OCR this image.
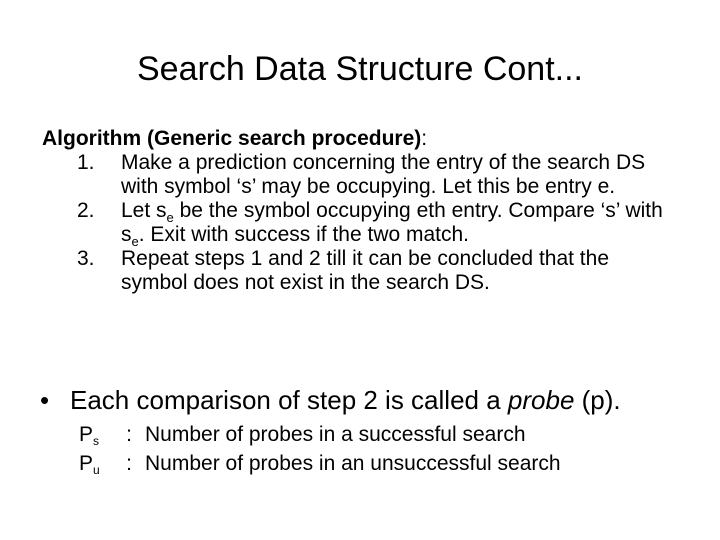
Search Data Structure Cont...
Algorithm (Generic search procedure):
1. Make a prediction concerning the entry of the search DS with symbol ‘s’ may be occupying. Let this be entry e.
2. Let $s_e$ be the symbol occupying eth entry. Compare ‘s’ with $s_e$. Exit with success if the two match.
3. Repeat steps 1 and 2 till it can be concluded that the symbol does not exist in the search DS.
• Each comparison of step 2 is called a probe (p).
Ps : Number of probes in a successful search
Pu : Number of probes in an unsuccessful search
